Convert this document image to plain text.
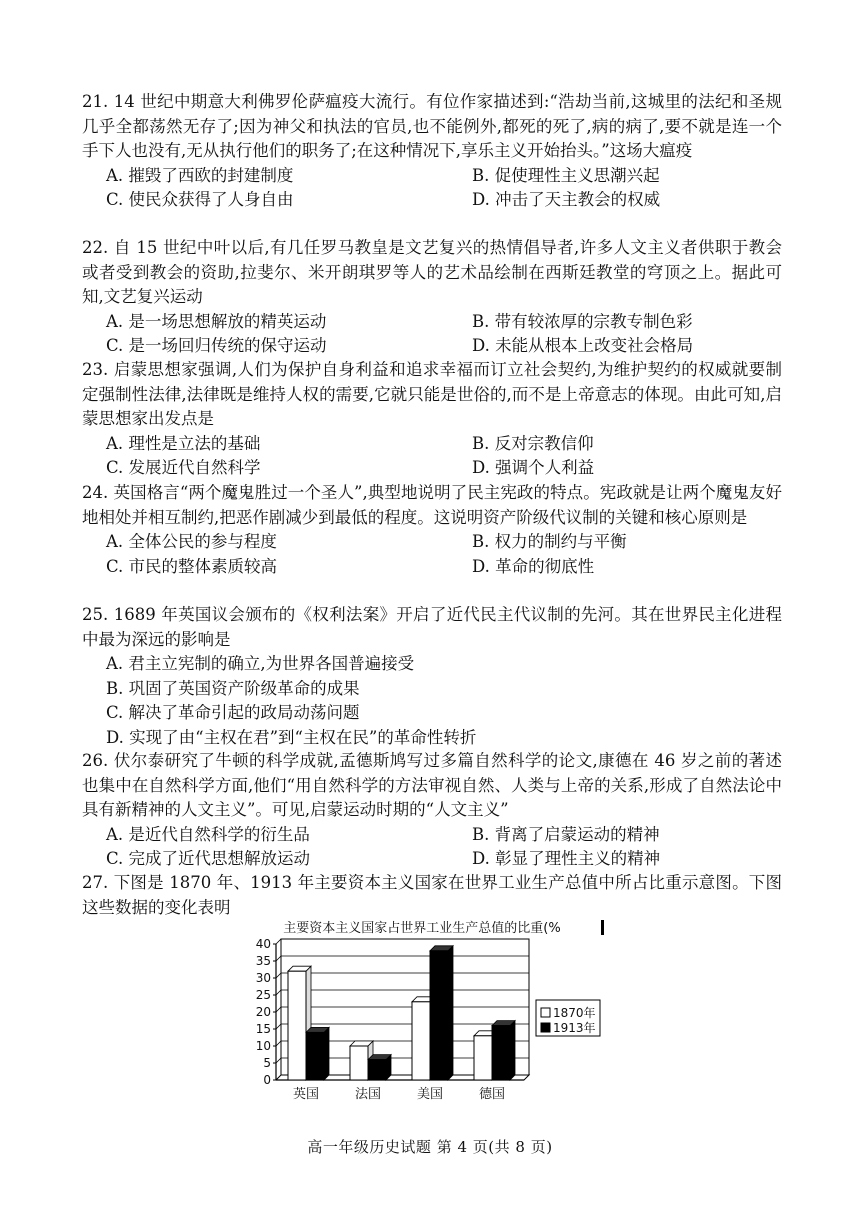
21. 14 世纪中期意大利佛罗伦萨瘟疫大流行。有位作家描述到:“浩劫当前,这城里的法纪和圣规几乎全都荡然无存了;因为神父和执法的官员,也不能例外,都死的死了,病的病了,要不就是连一个手下人也没有,无从执行他们的职务了;在这种情况下,享乐主义开始抬头。”这场大瘟疫

A. 摧毁了西欧的封建制度	B. 促使理性主义思潮兴起
C. 使民众获得了人身自由	D. 冲击了天主教会的权威

22. 自 15 世纪中叶以后,有几任罗马教皇是文艺复兴的热情倡导者,许多人文主义者供职于教会或者受到教会的资助,拉斐尔、米开朗琪罗等人的艺术品绘制在西斯廷教堂的穹顶之上。据此可知,文艺复兴运动

A. 是一场思想解放的精英运动	B. 带有较浓厚的宗教专制色彩
C. 是一场回归传统的保守运动	D. 未能从根本上改变社会格局

23. 启蒙思想家强调,人们为保护自身利益和追求幸福而订立社会契约,为维护契约的权威就要制定强制性法律,法律既是维持人权的需要,它就只能是世俗的,而不是上帝意志的体现。由此可知,启蒙思想家出发点是

A. 理性是立法的基础	B. 反对宗教信仰
C. 发展近代自然科学	D. 强调个人利益

24. 英国格言“两个魔鬼胜过一个圣人”,典型地说明了民主宪政的特点。宪政就是让两个魔鬼友好地相处并相互制约,把恶作剧减少到最低的程度。这说明资产阶级代议制的关键和核心原则是

A. 全体公民的参与程度	B. 权力的制约与平衡
C. 市民的整体素质较高	D. 革命的彻底性

25. 1689 年英国议会颁布的《权利法案》开启了近代民主代议制的先河。其在世界民主化进程中最为深远的影响是

A. 君主立宪制的确立,为世界各国普遍接受
B. 巩固了英国资产阶级革命的成果
C. 解决了革命引起的政局动荡问题
D. 实现了由“主权在君”到“主权在民”的革命性转折

26. 伏尔泰研究了牛顿的科学成就,孟德斯鸠写过多篇自然科学的论文,康德在 46 岁之前的著述也集中在自然科学方面,他们“用自然科学的方法审视自然、人类与上帝的关系,形成了自然法论中具有新精神的人文主义”。可见,启蒙运动时期的“人文主义”

A. 是近代自然科学的衍生品	B. 背离了启蒙运动的精神
C. 完成了近代思想解放运动	D. 彰显了理性主义的精神

27. 下图是 1870 年、1913 年主要资本主义国家在世界工业生产总值中所占比重示意图。下图这些数据的变化表明

主要资本主义国家占世界工业生产总值的比重(%
0
5
10
15
20
25
30
35
40
英国	法国	美国	德国
1870年
1913年
高一年级历史试题 第 4 页(共 8 页)
